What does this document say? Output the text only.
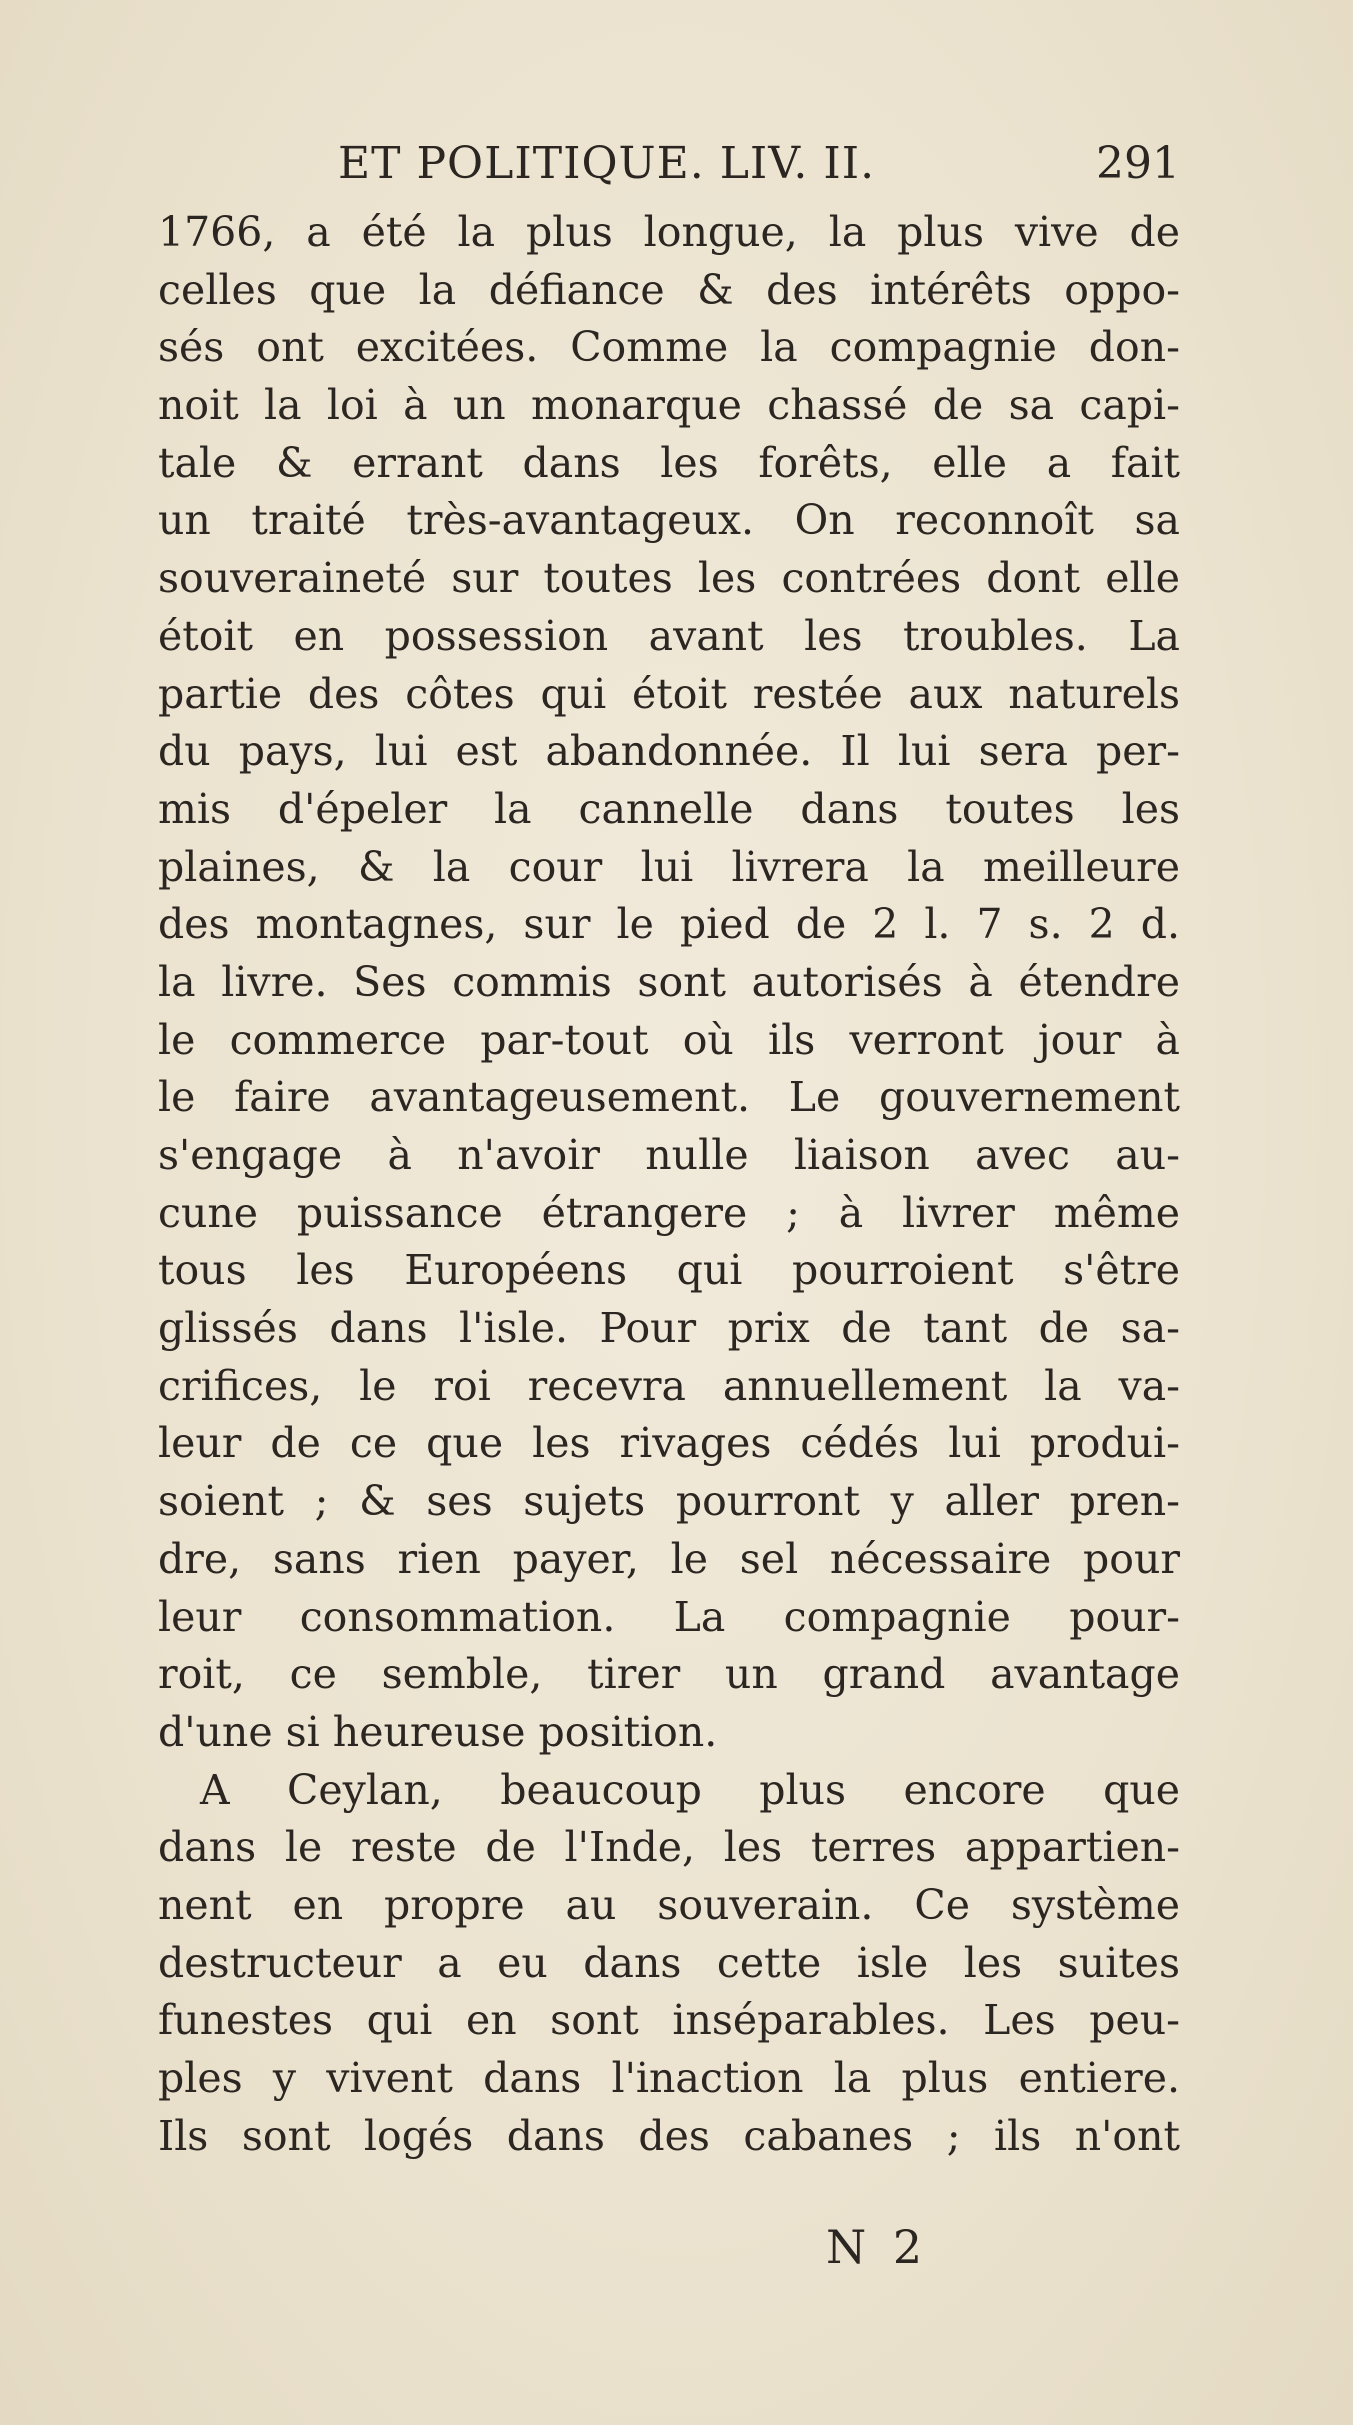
ET POLITIQUE. LIV. II.	291
1766, a été la plus longue, la plus vive de
celles que la défiance & des intérêts oppo-
sés ont excitées. Comme la compagnie don-
noit la loi à un monarque chassé de sa capi-
tale & errant dans les forêts, elle a fait
un traité très-avantageux. On reconnoît sa
souveraineté sur toutes les contrées dont elle
étoit en possession avant les troubles. La
partie des côtes qui étoit restée aux naturels
du pays, lui est abandonnée. Il lui sera per-
mis d'épeler la cannelle dans toutes les
plaines, & la cour lui livrera la meilleure
des montagnes, sur le pied de 2 l. 7 s. 2 d.
la livre. Ses commis sont autorisés à étendre
le commerce par-tout où ils verront jour à
le faire avantageusement. Le gouvernement
s'engage à n'avoir nulle liaison avec au-
cune puissance étrangere ; à livrer même
tous les Européens qui pourroient s'être
glissés dans l'isle. Pour prix de tant de sa-
crifices, le roi recevra annuellement la va-
leur de ce que les rivages cédés lui produi-
soient ; & ses sujets pourront y aller pren-
dre, sans rien payer, le sel nécessaire pour
leur consommation. La compagnie pour-
roit, ce semble, tirer un grand avantage
d'une si heureuse position.
A Ceylan, beaucoup plus encore que
dans le reste de l'Inde, les terres appartien-
nent en propre au souverain. Ce système
destructeur a eu dans cette isle les suites
funestes qui en sont inséparables. Les peu-
ples y vivent dans l'inaction la plus entiere.
Ils sont logés dans des cabanes ; ils n'ont
N 2
